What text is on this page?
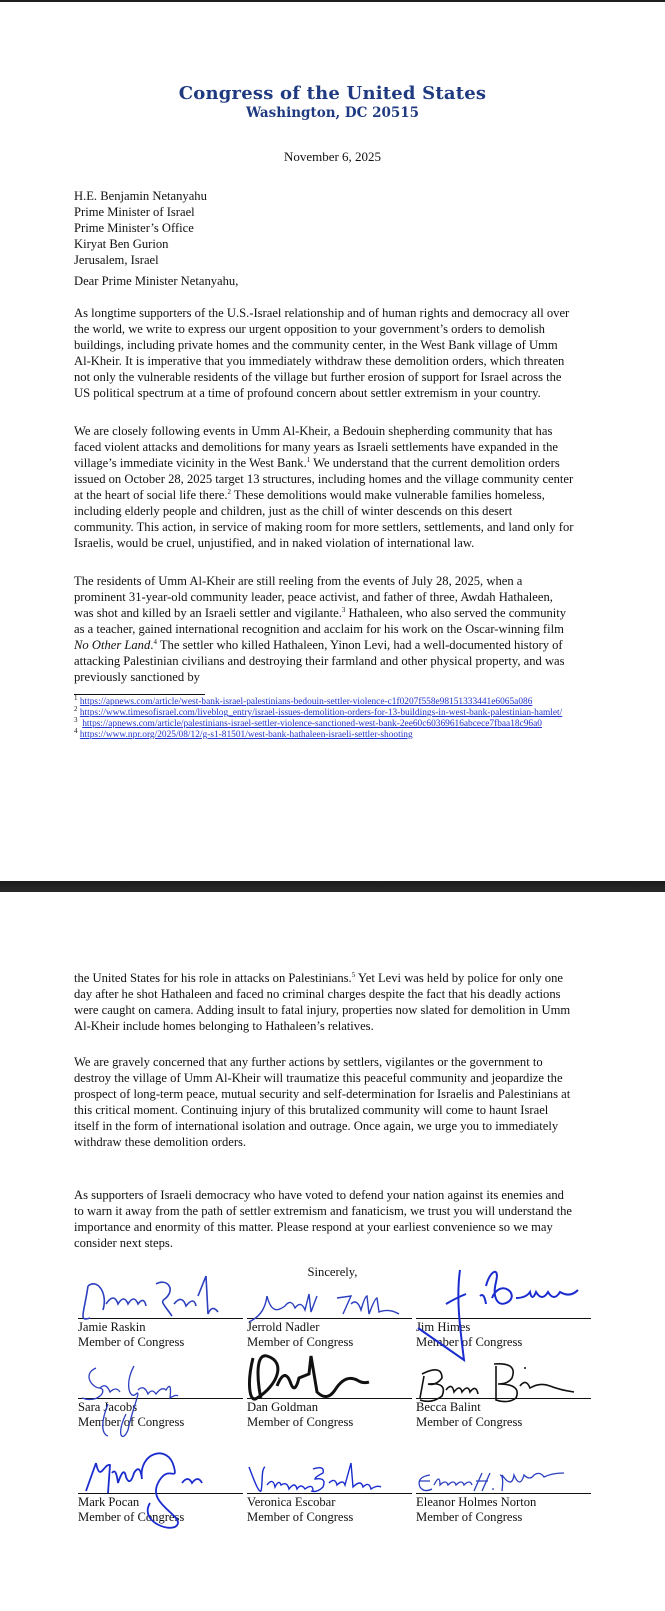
Congress of the United States
Washington, DC 20515
November 6, 2025
H.E. Benjamin Netanyahu
Prime Minister of Israel
Prime Minister’s Office
Kiryat Ben Gurion
Jerusalem, Israel
Dear Prime Minister Netanyahu,

As longtime supporters of the U.S.-Israel relationship and of human rights and democracy all over the world, we write to express our urgent opposition to your government’s orders to demolish buildings, including private homes and the community center, in the West Bank village of Umm Al-Kheir. It is imperative that you immediately withdraw these demolition orders, which threaten not only the vulnerable residents of the village but further erosion of support for Israel across the US political spectrum at a time of profound concern about settler extremism in your country.

We are closely following events in Umm Al-Kheir, a Bedouin shepherding community that has faced violent attacks and demolitions for many years as Israeli settlements have expanded in the village’s immediate vicinity in the West Bank.$^1$ We understand that the current demolition orders issued on October 28, 2025 target 13 structures, including homes and the village community center at the heart of social life there.$^2$ These demolitions would make vulnerable families homeless, including elderly people and children, just as the chill of winter descends on this desert community. This action, in service of making room for more settlers, settlements, and land only for Israelis, would be cruel, unjustified, and in naked violation of international law.

The residents of Umm Al-Kheir are still reeling from the events of July 28, 2025, when a prominent 31-year-old community leader, peace activist, and father of three, Awdah Hathaleen, was shot and killed by an Israeli settler and vigilante.$^3$ Hathaleen, who also served the community as a teacher, gained international recognition and acclaim for his work on the Oscar-winning film No Other Land.$^4$ The settler who killed Hathaleen, Yinon Levi, had a well-documented history of attacking Palestinian civilians and destroying their farmland and other physical property, and was previously sanctioned by

$^1$ https://apnews.com/article/west-bank-israel-palestinians-bedouin-settler-violence-c1f0207f558e98151333441e6065a086
$^2$ https://www.timesofisrael.com/liveblog_entry/israel-issues-demolition-orders-for-13-buildings-in-west-bank-palestinian-hamlet/
$^3$ https://apnews.com/article/palestinians-israel-settler-violence-sanctioned-west-bank-2ee60c60369616abcece7fbaa18c96a0
$^4$ https://www.npr.org/2025/08/12/g-s1-81501/west-bank-hathaleen-israeli-settler-shooting

the United States for his role in attacks on Palestinians.$^5$ Yet Levi was held by police for only one day after he shot Hathaleen and faced no criminal charges despite the fact that his deadly actions were caught on camera. Adding insult to fatal injury, properties now slated for demolition in Umm Al-Kheir include homes belonging to Hathaleen’s relatives.

We are gravely concerned that any further actions by settlers, vigilantes or the government to destroy the village of Umm Al-Kheir will traumatize this peaceful community and jeopardize the prospect of long-term peace, mutual security and self-determination for Israelis and Palestinians at this critical moment. Continuing injury of this brutalized community will come to haunt Israel itself in the form of international isolation and outrage. Once again, we urge you to immediately withdraw these demolition orders.

As supporters of Israeli democracy who have voted to defend your nation against its enemies and to warn it away from the path of settler extremism and fanaticism, we trust you will understand the importance and enormity of this matter. Please respond at your earliest convenience so we may consider next steps.

Sincerely,
Jamie Raskin
Member of Congress
Jerrold Nadler
Member of Congress
Jim Himes
Member of Congress
Sara Jacobs
Member of Congress
Dan Goldman
Member of Congress
Becca Balint
Member of Congress
Mark Pocan
Member of Congress
Veronica Escobar
Member of Congress
Eleanor Holmes Norton
Member of Congress
